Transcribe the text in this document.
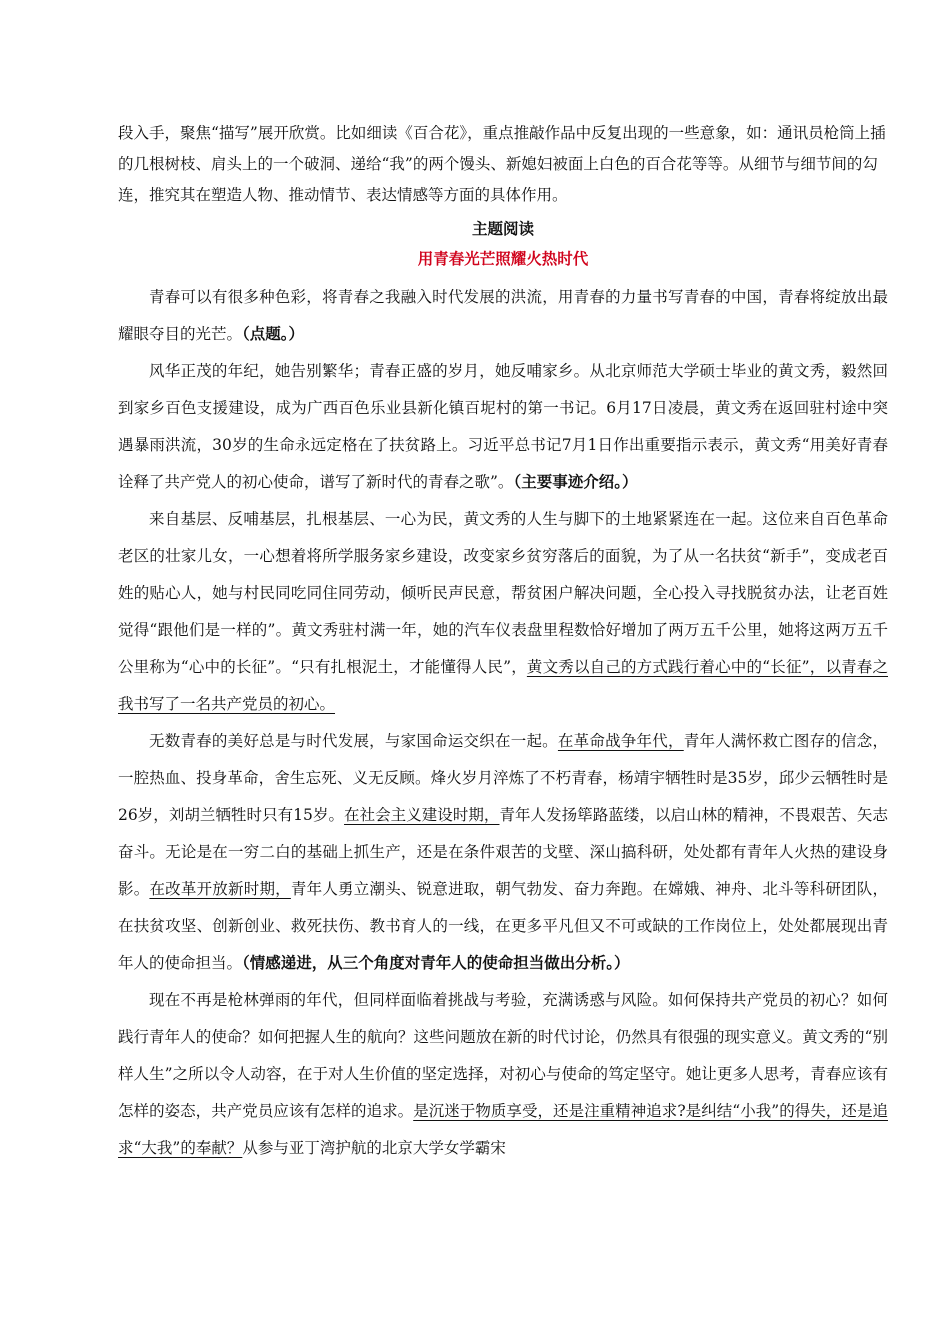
段入手，聚焦“描写”展开欣赏。比如细读《百合花》，重点推敲作品中反复出现的一些意象，如：通讯员枪筒上插的几根树枝、肩头上的一个破洞、递给“我”的两个馒头、新媳妇被面上白色的百合花等等。从细节与细节间的勾连，推究其在塑造人物、推动情节、表达情感等方面的具体作用。

主题阅读

用青春光芒照耀火热时代

青春可以有很多种色彩，将青春之我融入时代发展的洪流，用青春的力量书写青春的中国，青春将绽放出最耀眼夺目的光芒。（点题。）

风华正茂的年纪，她告别繁华；青春正盛的岁月，她反哺家乡。从北京师范大学硕士毕业的黄文秀，毅然回到家乡百色支援建设，成为广西百色乐业县新化镇百坭村的第一书记。6月17日凌晨，黄文秀在返回驻村途中突遇暴雨洪流，30岁的生命永远定格在了扶贫路上。习近平总书记7月1日作出重要指示表示，黄文秀“用美好青春诠释了共产党人的初心使命，谱写了新时代的青春之歌”。（主要事迹介绍。）

来自基层、反哺基层，扎根基层、一心为民，黄文秀的人生与脚下的土地紧紧连在一起。这位来自百色革命老区的壮家儿女，一心想着将所学服务家乡建设，改变家乡贫穷落后的面貌，为了从一名扶贫“新手”，变成老百姓的贴心人，她与村民同吃同住同劳动，倾听民声民意，帮贫困户解决问题，全心投入寻找脱贫办法，让老百姓觉得“跟他们是一样的”。黄文秀驻村满一年，她的汽车仪表盘里程数恰好增加了两万五千公里，她将这两万五千公里称为“心中的长征”。“只有扎根泥土，才能懂得人民”，黄文秀以自己的方式践行着心中的“长征”，以青春之我书写了一名共产党员的初心。

无数青春的美好总是与时代发展，与家国命运交织在一起。在革命战争年代，青年人满怀救亡图存的信念，一腔热血、投身革命，舍生忘死、义无反顾。烽火岁月淬炼了不朽青春，杨靖宇牺牲时是35岁，邱少云牺牲时是26岁，刘胡兰牺牲时只有15岁。在社会主义建设时期，青年人发扬筚路蓝缕，以启山林的精神，不畏艰苦、矢志奋斗。无论是在一穷二白的基础上抓生产，还是在条件艰苦的戈壁、深山搞科研，处处都有青年人火热的建设身影。在改革开放新时期，青年人勇立潮头、锐意进取，朝气勃发、奋力奔跑。在嫦娥、神舟、北斗等科研团队，在扶贫攻坚、创新创业、救死扶伤、教书育人的一线，在更多平凡但又不可或缺的工作岗位上，处处都展现出青年人的使命担当。（情感递进，从三个角度对青年人的使命担当做出分析。）

现在不再是枪林弹雨的年代，但同样面临着挑战与考验，充满诱惑与风险。如何保持共产党员的初心？如何践行青年人的使命？如何把握人生的航向？这些问题放在新的时代讨论，仍然具有很强的现实意义。黄文秀的“别样人生”之所以令人动容，在于对人生价值的坚定选择，对初心与使命的笃定坚守。她让更多人思考，青春应该有怎样的姿态，共产党员应该有怎样的追求。是沉迷于物质享受，还是注重精神追求?是纠结“小我”的得失，还是追求“大我”的奉献？从参与亚丁湾护航的北京大学女学霸宋
